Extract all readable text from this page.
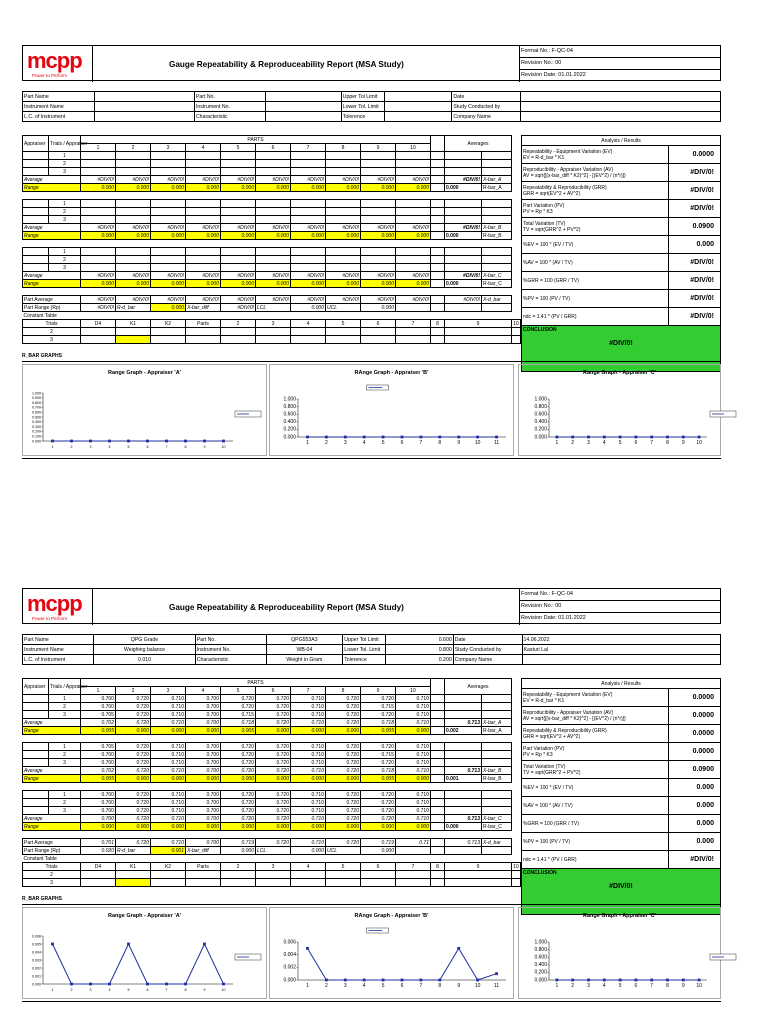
mcpp
Power to Perform
Gauge Repeatability & Reproduceability Report (MSA Study)
Format No.: F-QC-04
Revision No.: 00
Revision Date: 01.01.2022
Part Name		Part No.		Upper Tol Limit		Date	
Instrument Name		Instrument No.		Lower Tol. Limit		Study Conducted by	
L.C. of Instrument		Characteristic		Tolerence		Company Name	
Appraiser	Trials / Appraiser	PARTS											Averages		
		1	2	3	4	5	6	7	8	9	10				
	1														
	2														
	3														
Average		#DIV/0!	#DIV/0!	#DIV/0!	#DIV/0!	#DIV/0!	#DIV/0!	#DIV/0!	#DIV/0!	#DIV/0!	#DIV/0!		#DIV/0!	X-bar_A	
Range		0.000	0.000	0.000	0.000	0.000	0.000	0.000	0.000	0.000	0.000		0.000	R-bar_A	

	1														
	2														
	3														
Average		#DIV/0!	#DIV/0!	#DIV/0!	#DIV/0!	#DIV/0!	#DIV/0!	#DIV/0!	#DIV/0!	#DIV/0!	#DIV/0!		#DIV/0!	X-bar_B	
Range		0.000	0.000	0.000	0.000	0.000	0.000	0.000	0.000	0.000	0.000		0.000	R-bar_B	

	1														
	2														
	3														
Average		#DIV/0!	#DIV/0!	#DIV/0!	#DIV/0!	#DIV/0!	#DIV/0!	#DIV/0!	#DIV/0!	#DIV/0!	#DIV/0!		#DIV/0!	X-bar_C	
Range		0.000	0.000	0.000	0.000	0.000	0.000	0.000	0.000	0.000	0.000		0.000	R-bar_C	

Part Average		#DIV/0!	#DIV/0!	#DIV/0!	#DIV/0!	#DIV/0!	#DIV/0!	#DIV/0!	#DIV/0!	#DIV/0!	#DIV/0!		#DIV/0!	X-d_bar	
Part Range (Rp)		#DIV/0!	R-d_bar	0.000	X-bar_diff	#DIV/0!	LCL	0.000	UCL	0.000					
Constant Table															
Trials		D4	K1	K2	Parts	2	3	4	5	6	7	8	9		10
2															
3															
Analysis / Results	

Repeatability - Equipment Variation (EV)
EV = R-d_bar * K1	0.0000

Reproducibility - Appraiser Variation (AV)
AV = sqrt{[(x-bar_diff * K2)^2] - [(EV^2) / (n*r)]}	#DIV/0!

Repeatability & Reproducibility (GRR)
GRR = sqrt(EV^2 + AV^2)	#DIV/0!

Part Variation (PV)
PV = Rp * K3	#DIV/0!

Total Variation (TV)
TV = sqrt(GRR^2 + PV^2)	0.0900

%EV = 100 * (EV / TV)	0.000

%AV = 100 * (AV / TV)	#DIV/0!

%GRR = 100 (GRR / TV)	#DIV/0!

%PV = 100 (PV / TV)	#DIV/0!

ndc = 1.41 * (PV / GRR)	#DIV/0!

CONCLUSION
#DIV/0!	
R_BAR GRAPHS
Range Graph - Appraiser 'A'
1.000
0.900
0.800
0.700
0.600
0.500
0.400
0.300
0.200
0.100
0.000
1	2	3	4	5	6	7	8	9	10
RAnge Graph - Appraiser 'B'
1.000
0.800
0.600
0.400
0.200
0.000
1	2	3	4	5	6	7	8	9	10	11
Range Graph - Appraiser 'C'
1.000
0.800
0.600
0.400
0.200
0.000
1	2	3	4	5	6	7	8	9 10
mcpp
Power to Perform
Gauge Repeatability & Reproduceability Report (MSA Study)
Format No.: F-QC-04
Revision No.: 00
Revision Date: 01.01.2022
Part Name	QPG Grade	Part No.	QPG553A3	Upper Tol Limit	0.600	Date	14.06.2022
Instrument Name	Weighing balance	Instrument No.	WB-04	Lower Tol. Limit	0.800	Study Conducted by	Kasturi Lal
L.C. of Instrument	0.010	Characteristic	Weight in Gram	Tolerence	0.200	Company Name	
Appraiser	Trials / Appraiser	PARTS											Averages		
		1	2	3	4	5	6	7	8	9	10				
	1	0.700	0.720	0.710	0.700	0.720	0.720	0.710	0.720	0.720	0.710				
	2	0.700	0.720	0.710	0.700	0.720	0.720	0.710	0.720	0.715	0.710				
	3	0.705	0.720	0.710	0.700	0.715	0.720	0.710	0.720	0.720	0.710				
Average		0.702	0.720	0.710	0.700	0.718	0.720	0.710	0.720	0.718	0.710		0.713	X-bar_A	
Range		0.005	0.000	0.000	0.000	0.005	0.000	0.000	0.000	0.005	0.000		0.002	R-bar_A	

	1	0.705	0.720	0.710	0.700	0.720	0.720	0.710	0.720	0.720	0.710				
	2	0.700	0.720	0.710	0.700	0.720	0.720	0.710	0.720	0.715	0.710				
	3	0.700	0.720	0.710	0.700	0.720	0.720	0.710	0.720	0.720	0.710				
Average		0.702	0.720	0.710	0.700	0.720	0.720	0.710	0.720	0.718	0.710		0.713	X-bar_B	
Range		0.005	0.000	0.000	0.000	0.000	0.000	0.000	0.000	0.005	0.000		0.001	R-bar_B	

	1	0.700	0.720	0.710	0.700	0.720	0.720	0.710	0.720	0.720	0.710				
	2	0.700	0.720	0.710	0.700	0.720	0.720	0.710	0.720	0.720	0.710				
	3	0.700	0.720	0.710	0.700	0.720	0.720	0.710	0.720	0.720	0.710				
Average		0.700	0.720	0.710	0.700	0.720	0.720	0.710	0.720	0.720	0.710		0.713	X-bar_C	
Range		0.000	0.000	0.000	0.000	0.000	0.000	0.000	0.000	0.000	0.000		0.000	R-bar_C	

Part Average		0.701	0.720	0.710	0.700	0.719	0.720	0.710	0.720	0.719	0.71		0.713	X-d_bar	
Part Range (Rp)		0.020	R-d_bar	0.001	X-bar_diff	0.000	LCL	0.000	UCL	0.000					
Constant Table															
Trials		D4	K1	K2	Parts	2	3	4	5	6	7	8	9		10
2															
3															
Analysis / Results	

Repeatability - Equipment Variation (EV)
EV = R-d_bar * K1	0.0000

Reproducibility - Appraiser Variation (AV)
AV = sqrt{[(x-bar_diff * K2)^2] - [(EV^2) / (n*r)]}	0.0000

Repeatability & Reproducibility (GRR)
GRR = sqrt(EV^2 + AV^2)	0.0000

Part Variation (PV)
PV = Rp * K3	0.0000

Total Variation (TV)
TV = sqrt(GRR^2 + PV^2)	0.0900

%EV = 100 * (EV / TV)	0.000

%AV = 100 * (AV / TV)	0.000

%GRR = 100 (GRR / TV)	0.000

%PV = 100 (PV / TV)	0.000

ndc = 1.41 * (PV / GRR)	#DIV/0!

CONCLUSION
#DIV/0!	
R_BAR GRAPHS
Range Graph - Appraiser 'A'
0.006
0.005
0.004
0.003
0.002
0.001
0.000
1	2	3	4	5	6	7	8	9	10
RAnge Graph - Appraiser 'B'
0.006
0.004
0.002
0.000
1	2	3	4	5	6	7	8	9	10	11
Range Graph - Appraiser 'C'
1.000
0.800
0.600
0.400
0.200
0.000
1	2	3	4	5	6	7	8	9 10
